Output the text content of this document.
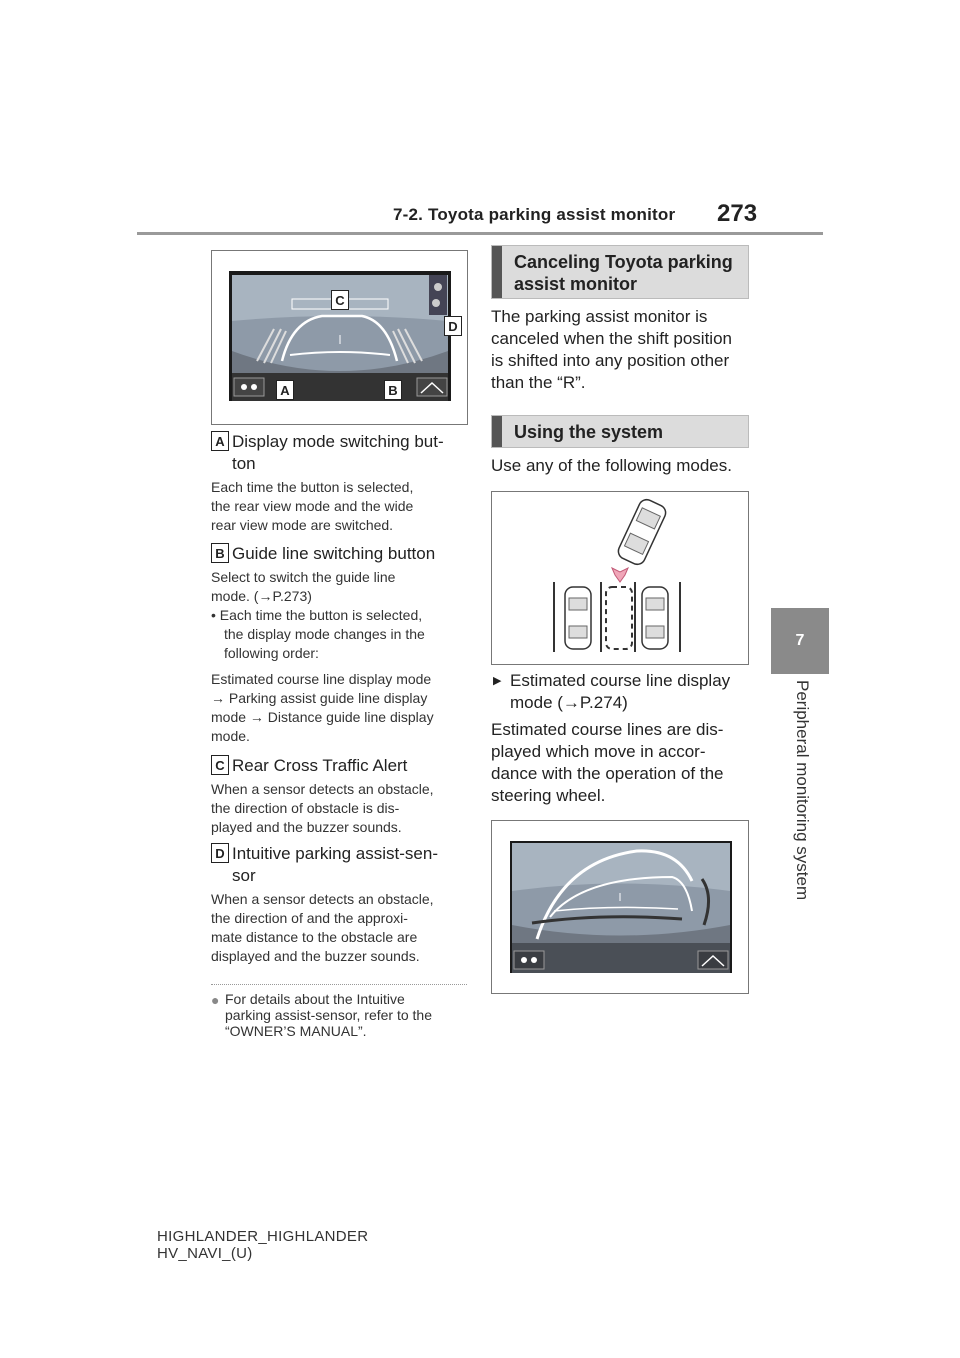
7-2. Toyota parking assist monitor 273
7
Peripheral monitoring system
A	B
C
D
A Display mode switching but-
ton
Each time the button is selected,
the rear view mode and the wide
rear view mode are switched.
B Guide line switching button
Select to switch the guide line
mode. (→P.273)
• Each time the button is selected,
the display mode changes in the
following order:
Estimated course line display mode
→ Parking assist guide line display
mode → Distance guide line display
mode.
C Rear Cross Traffic Alert
When a sensor detects an obstacle,
the direction of obstacle is dis-
played and the buzzer sounds.
D Intuitive parking assist-sen-
sor
When a sensor detects an obstacle,
the direction of and the approxi-
mate distance to the obstacle are
displayed and the buzzer sounds.
● For details about the Intuitive
parking assist-sensor, refer to the
“OWNER’S MANUAL”.
Canceling Toyota parking
assist monitor
The parking assist monitor is
canceled when the shift position
is shifted into any position other
than the “R”.
Using the system
Use any of the following modes.
▶ Estimated course line display
mode (→P.274)
Estimated course lines are dis-
played which move in accor-
dance with the operation of the
steering wheel.
HIGHLANDER_HIGHLANDER
HV_NAVI_(U)
